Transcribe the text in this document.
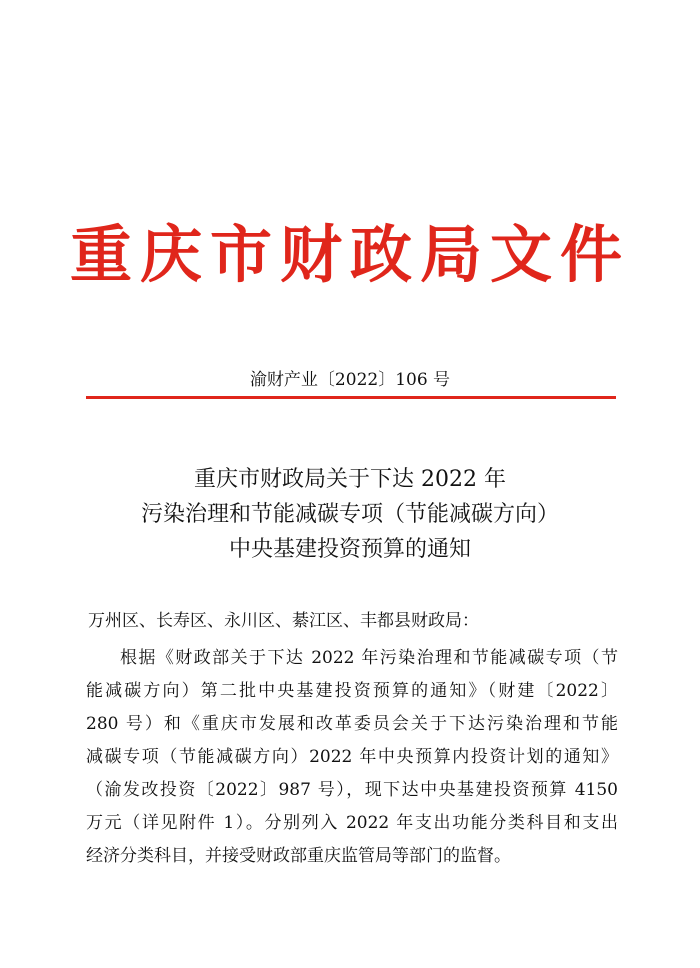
重庆市财政局文件
渝财产业〔2022〕106 号
重庆市财政局关于下达 2022 年
污染治理和节能减碳专项（节能减碳方向）
中央基建投资预算的通知
万州区、长寿区、永川区、綦江区、丰都县财政局：
根据《财政部关于下达 2022 年污染治理和节能减碳专项（节
能减碳方向）第二批中央基建投资预算的通知》（财建〔2022〕
280 号）和《重庆市发展和改革委员会关于下达污染治理和节能
减碳专项（节能减碳方向）2022 年中央预算内投资计划的通知》
（渝发改投资〔2022〕987 号），现下达中央基建投资预算 4150
万元（详见附件 1）。分别列入 2022 年支出功能分类科目和支出
经济分类科目，并接受财政部重庆监管局等部门的监督。
